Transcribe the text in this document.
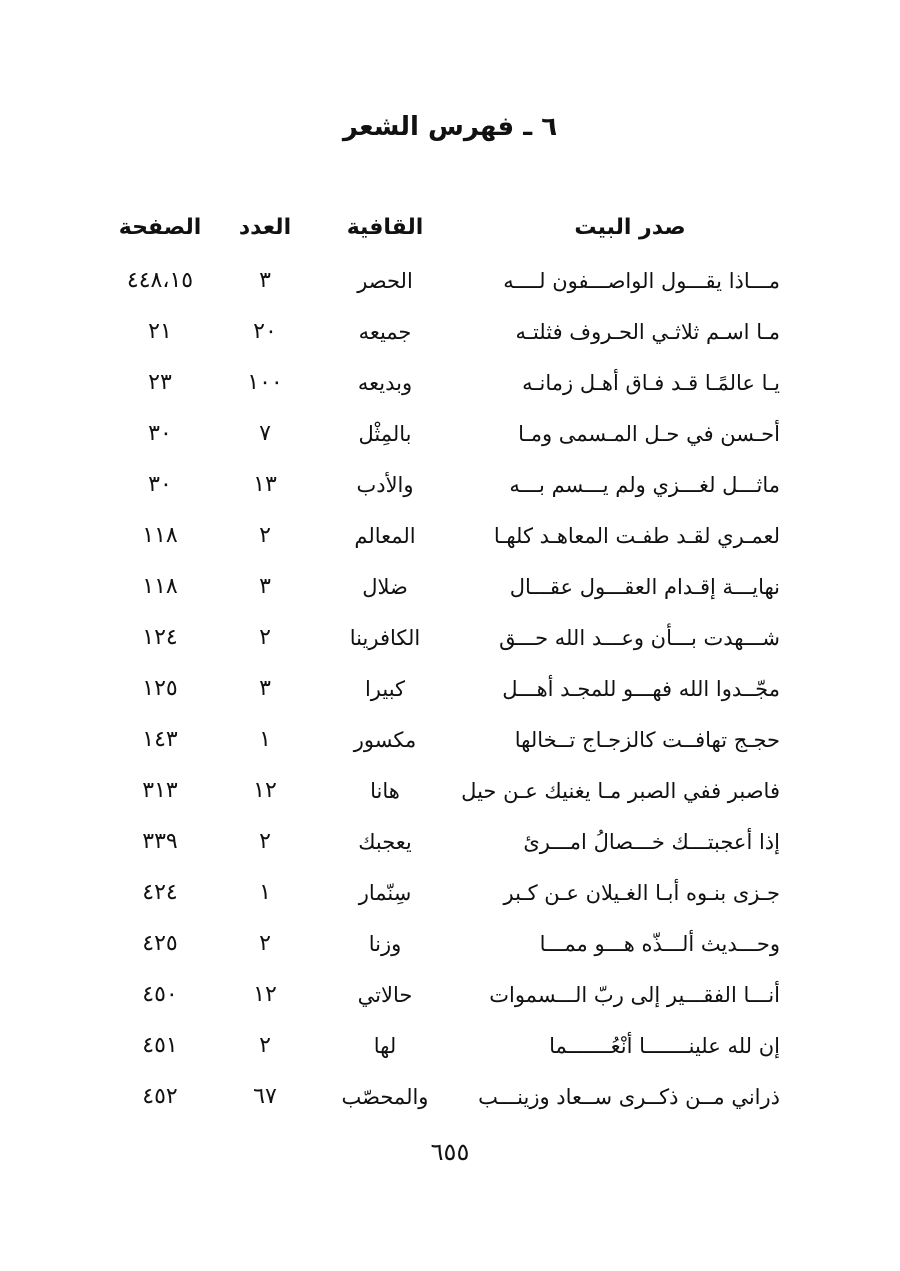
٦ ـ فهرس الشعر
صدر البيت	القافية	العدد	الصفحة
مـــاذا يقـــول الواصـــفون لــــه	الحصر	٣	٤٤٨،١٥
مـا اسـم ثلاثـي الحـروف فثلتـه	جميعه	٢٠	٢١
يـا عالمًـا قـد فـاق أهـل زمانـه	وبديعه	١٠٠	٢٣
أحـسن في حـل المـسمى ومـا	بالمِثْل	٧	٣٠
ماثـــل لغـــزي ولم يـــسم بـــه	والأدب	١٣	٣٠
لعمـري لقـد طفـت المعاهـد كلهـا	المعالم	٢	١١٨
نهايـــة إقـدام العقـــول عقـــال	ضلال	٣	١١٨
شـــهدت بـــأن وعـــد الله حـــق	الكافرينا	٢	١٢٤
مجّــدوا الله فهـــو للمجـد أهـــل	كبيرا	٣	١٢٥
حجـج تهافــت كالزجـاج تــخالها	مكسور	١	١٤٣
فاصبر ففي الصبر مـا يغنيك عـن حيل	هانا	١٢	٣١٣
إذا أعجبتـــك خـــصالُ امـــرئ	يعجبك	٢	٣٣٩
جـزى بنـوه أبـا الغـيلان عـن كـبر	سِنّمار	١	٤٢٤
وحـــديث ألـــذّه هـــو ممـــا	وزنا	٢	٤٢٥
أنـــا الفقـــير إلى ربّ الـــسموات	حالاتي	١٢	٤٥٠
إن لله علينـــــــا أنْعُـــــــما	لها	٢	٤٥١
ذراني مــن ذكــرى ســعاد وزينـــب	والمحصّب	٦٧	٤٥٢
٦٥٥
